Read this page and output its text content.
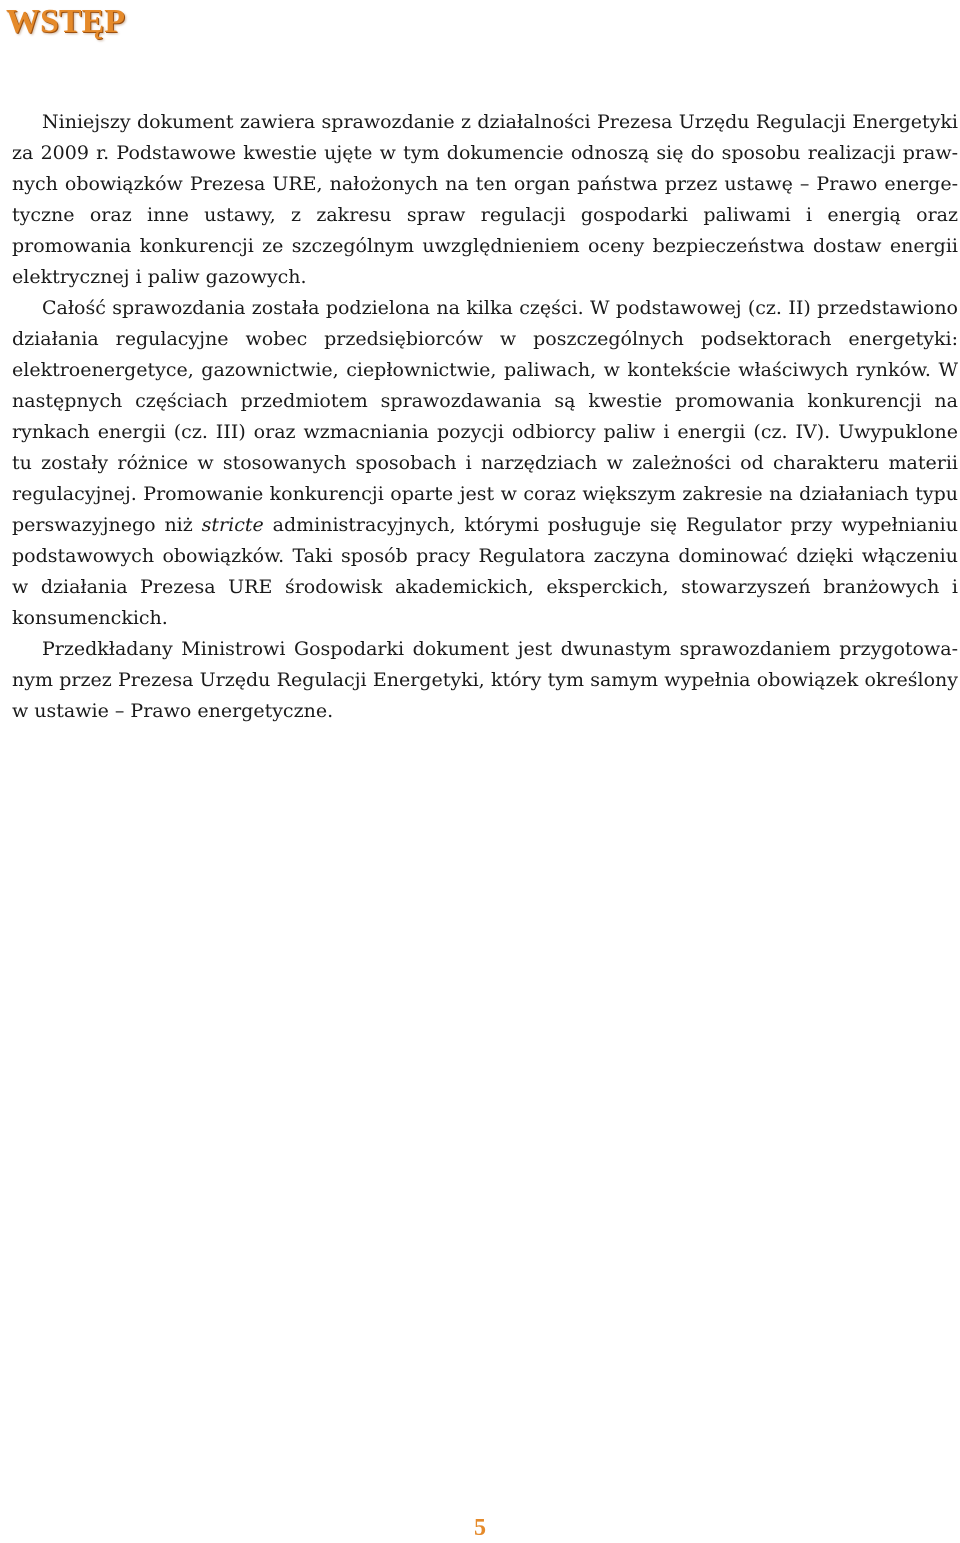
WSTĘP

Niniejszy dokument zawiera sprawozdanie z działalności Prezesa Urzędu Regulacji Energetyki za 2009 r. Podstawowe kwestie ujęte w tym dokumencie odnoszą się do sposobu realizacji prawnych obowiązków Prezesa URE, nałożonych na ten organ państwa przez ustawę – Prawo energetyczne oraz inne ustawy, z zakresu spraw regulacji gospodarki paliwami i energią oraz promowania konkurencji ze szczególnym uwzględnieniem oceny bezpieczeństwa dostaw energii elektrycznej i paliw gazowych.

Całość sprawozdania została podzielona na kilka części. W podstawowej (cz. II) przedstawiono działania regulacyjne wobec przedsiębiorców w poszczególnych podsektorach energetyki: elektroenergetyce, gazownictwie, ciepłownictwie, paliwach, w kontekście właściwych rynków. W następnych częściach przedmiotem sprawozdawania są kwestie promowania konkurencji na rynkach energii (cz. III) oraz wzmacniania pozycji odbiorcy paliw i energii (cz. IV). Uwypuklone tu zostały różnice w stosowanych sposobach i narzędziach w zależności od charakteru materii regulacyjnej. Promowanie konkurencji oparte jest w coraz większym zakresie na działaniach typu perswazyjnego niż stricte administracyjnych, którymi posługuje się Regulator przy wypełnianiu podstawowych obowiązków. Taki sposób pracy Regulatora zaczyna dominować dzięki włączeniu w działania Prezesa URE środowisk akademickich, eksperckich, stowarzyszeń branżowych i konsumenckich.

Przedkładany Ministrowi Gospodarki dokument jest dwunastym sprawozdaniem przygotowanym przez Prezesa Urzędu Regulacji Energetyki, który tym samym wypełnia obowiązek określony w ustawie – Prawo energetyczne.

5
